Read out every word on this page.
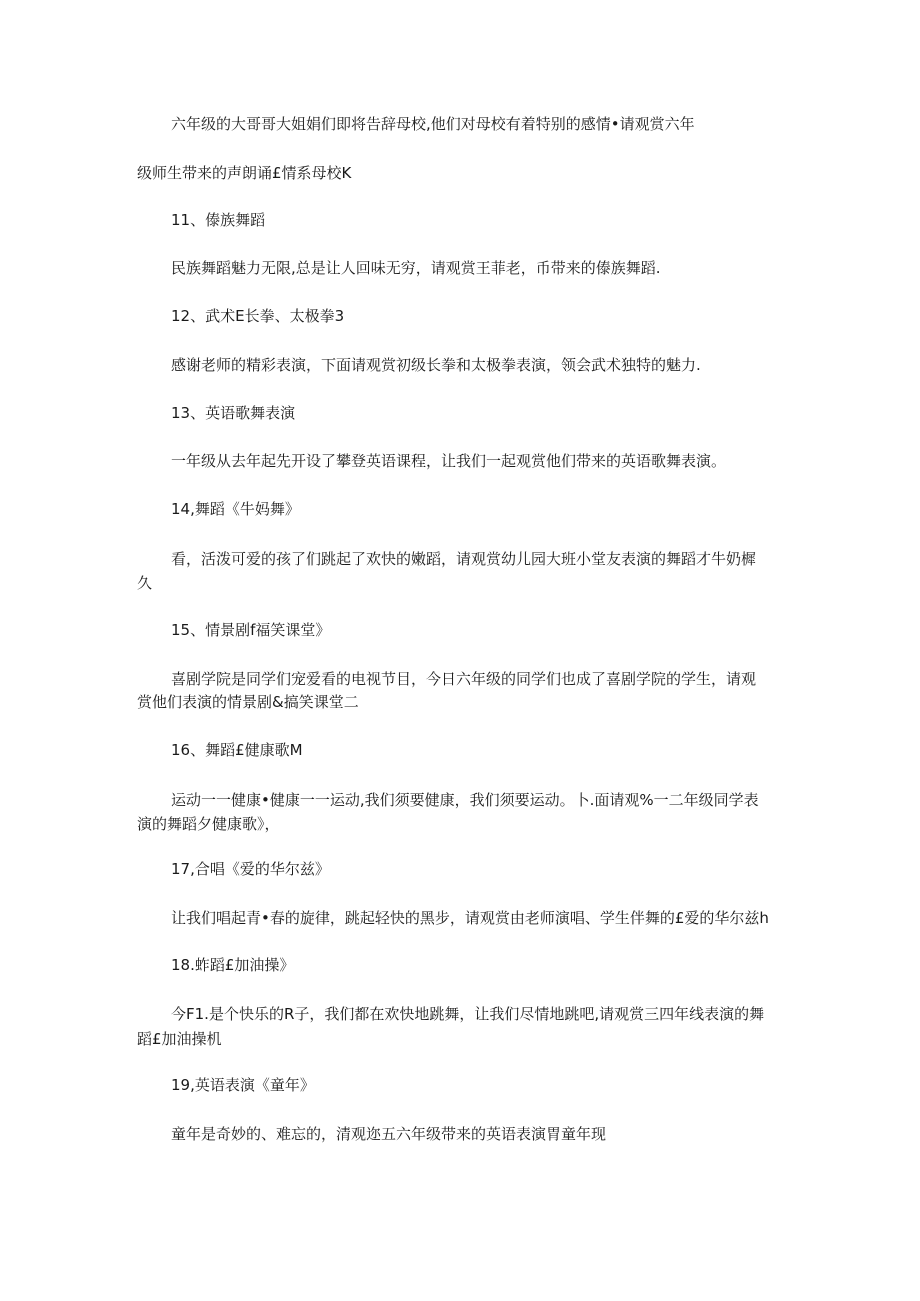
六年级的大哥哥大姐娟们即将告辞母校,他们对母校有着特别的感情•请观赏六年
级师生带来的声朗诵£情系母校K
11、傣族舞蹈
民族舞蹈魅力无限,总是让人回味无穷，请观赏王菲老，币带来的傣族舞蹈.
12、武术E长拳、太极拳3
感谢老师的精彩表演，下面请观赏初级长拳和太极拳表演，领会武术独特的魅力.
13、英语歌舞表演
一年级从去年起先开设了攀登英语课程，让我们一起观赏他们带来的英语歌舞表演。
14,舞蹈《牛妈舞》
看，活泼可爱的孩了们跳起了欢快的嫩蹈，请观赏幼儿园大班小堂友表演的舞蹈才牛奶樨
久
15、情景剧f福笑课堂》
喜剧学院是同学们宠爱看的电视节目，今日六年级的同学们也成了喜剧学院的学生，请观
赏他们表演的情景剧&搞笑课堂二
16、舞蹈£健康歌M
运动一一健康•健康一一运动,我们须要健康，我们须要运动。卜.面请观%一二年级同学表
演的舞蹈夕健康歌》，
17,合唱《爱的华尔兹》
让我们唱起青•春的旋律，跳起轻快的黑步，请观赏由老师演唱、学生伴舞的£爱的华尔兹h
18.蚱蹈£加油操》
今F1.是个快乐的R子，我们都在欢快地跳舞，让我们尽情地跳吧,请观赏三四年线表演的舞
蹈£加油操机
19,英语表演《童年》
童年是奇妙的、难忘的，清观迩五六年级带来的英语表演胃童年现
